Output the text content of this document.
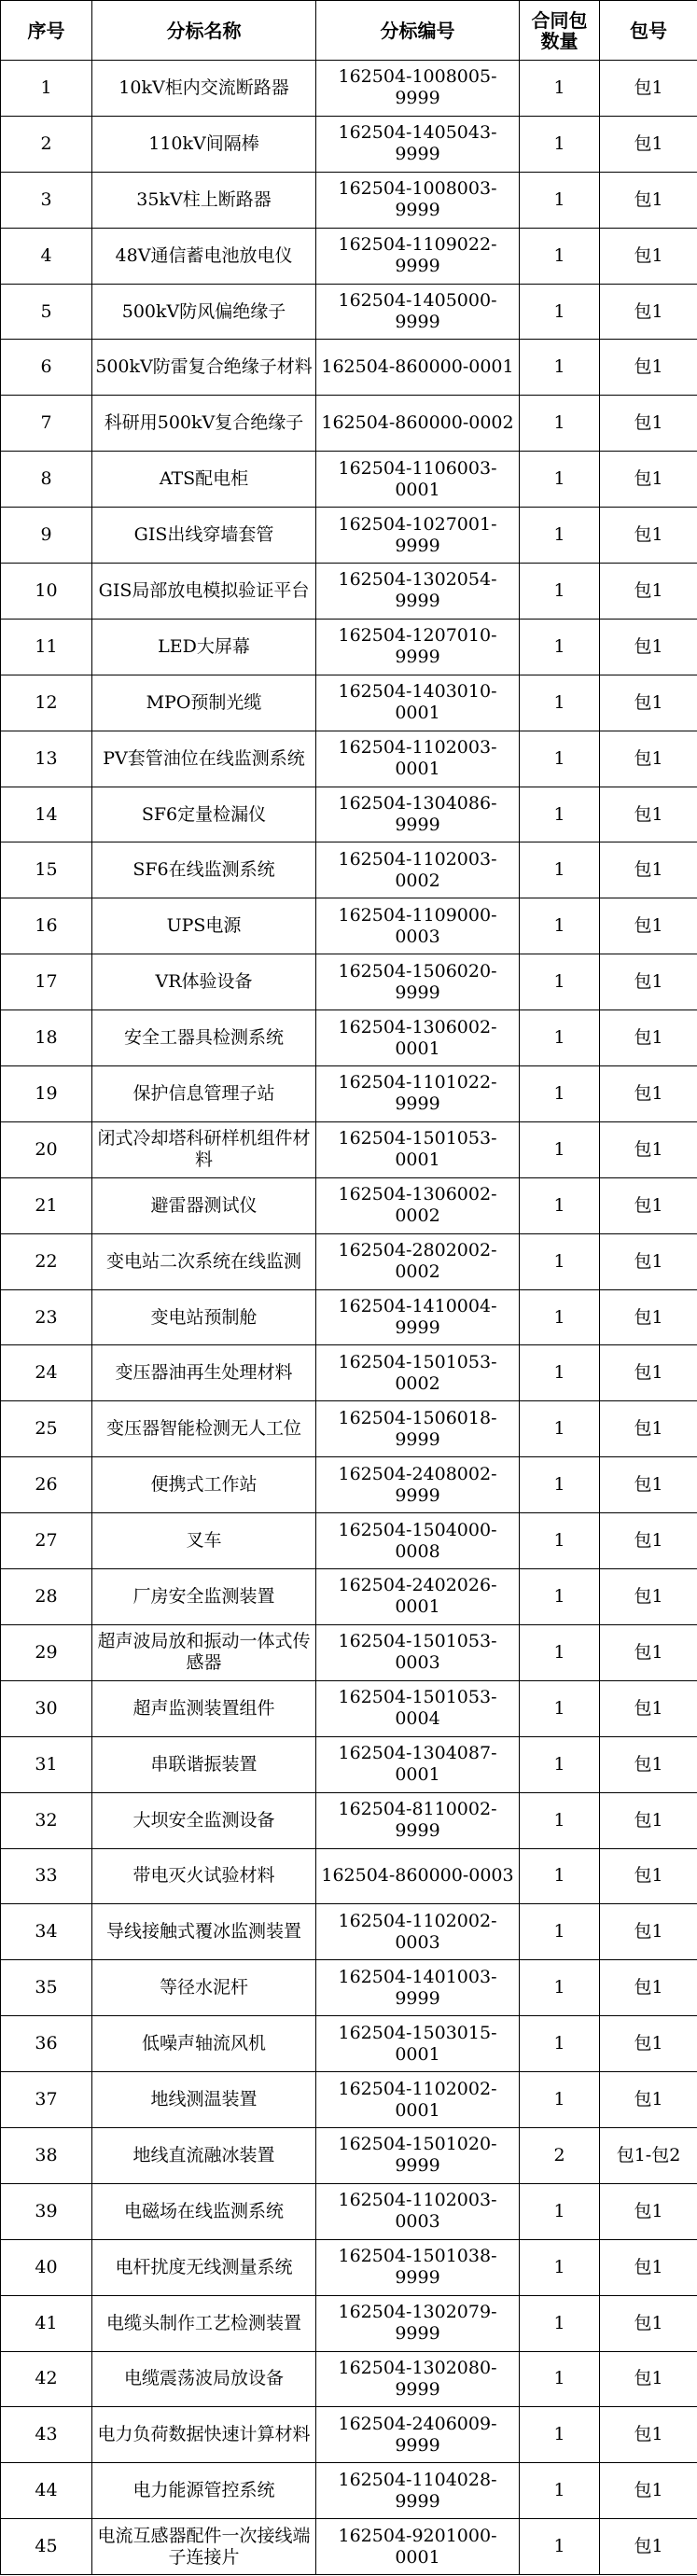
序号	分标名称	分标编号	合同包数量	包号
1	10kV柜内交流断路器	162504-1008005-9999	1	包1
2	110kV间隔棒	162504-1405043-9999	1	包1
3	35kV柱上断路器	162504-1008003-9999	1	包1
4	48V通信蓄电池放电仪	162504-1109022-9999	1	包1
5	500kV防风偏绝缘子	162504-1405000-9999	1	包1
6	500kV防雷复合绝缘子材料	162504-860000-0001	1	包1
7	科研用500kV复合绝缘子	162504-860000-0002	1	包1
8	ATS配电柜	162504-1106003-0001	1	包1
9	GIS出线穿墙套管	162504-1027001-9999	1	包1
10	GIS局部放电模拟验证平台	162504-1302054-9999	1	包1
11	LED大屏幕	162504-1207010-9999	1	包1
12	MPO预制光缆	162504-1403010-0001	1	包1
13	PV套管油位在线监测系统	162504-1102003-0001	1	包1
14	SF6定量检漏仪	162504-1304086-9999	1	包1
15	SF6在线监测系统	162504-1102003-0002	1	包1
16	UPS电源	162504-1109000-0003	1	包1
17	VR体验设备	162504-1506020-9999	1	包1
18	安全工器具检测系统	162504-1306002-0001	1	包1
19	保护信息管理子站	162504-1101022-9999	1	包1
20	闭式冷却塔科研样机组件材料	162504-1501053-0001	1	包1
21	避雷器测试仪	162504-1306002-0002	1	包1
22	变电站二次系统在线监测	162504-2802002-0002	1	包1
23	变电站预制舱	162504-1410004-9999	1	包1
24	变压器油再生处理材料	162504-1501053-0002	1	包1
25	变压器智能检测无人工位	162504-1506018-9999	1	包1
26	便携式工作站	162504-2408002-9999	1	包1
27	叉车	162504-1504000-0008	1	包1
28	厂房安全监测装置	162504-2402026-0001	1	包1
29	超声波局放和振动一体式传感器	162504-1501053-0003	1	包1
30	超声监测装置组件	162504-1501053-0004	1	包1
31	串联谐振装置	162504-1304087-0001	1	包1
32	大坝安全监测设备	162504-8110002-9999	1	包1
33	带电灭火试验材料	162504-860000-0003	1	包1
34	导线接触式覆冰监测装置	162504-1102002-0003	1	包1
35	等径水泥杆	162504-1401003-9999	1	包1
36	低噪声轴流风机	162504-1503015-0001	1	包1
37	地线测温装置	162504-1102002-0001	1	包1
38	地线直流融冰装置	162504-1501020-9999	2	包1-包2
39	电磁场在线监测系统	162504-1102003-0003	1	包1
40	电杆扰度无线测量系统	162504-1501038-9999	1	包1
41	电缆头制作工艺检测装置	162504-1302079-9999	1	包1
42	电缆震荡波局放设备	162504-1302080-9999	1	包1
43	电力负荷数据快速计算材料	162504-2406009-9999	1	包1
44	电力能源管控系统	162504-1104028-9999	1	包1
45	电流互感器配件一次接线端子连接片	162504-9201000-0001	1	包1
